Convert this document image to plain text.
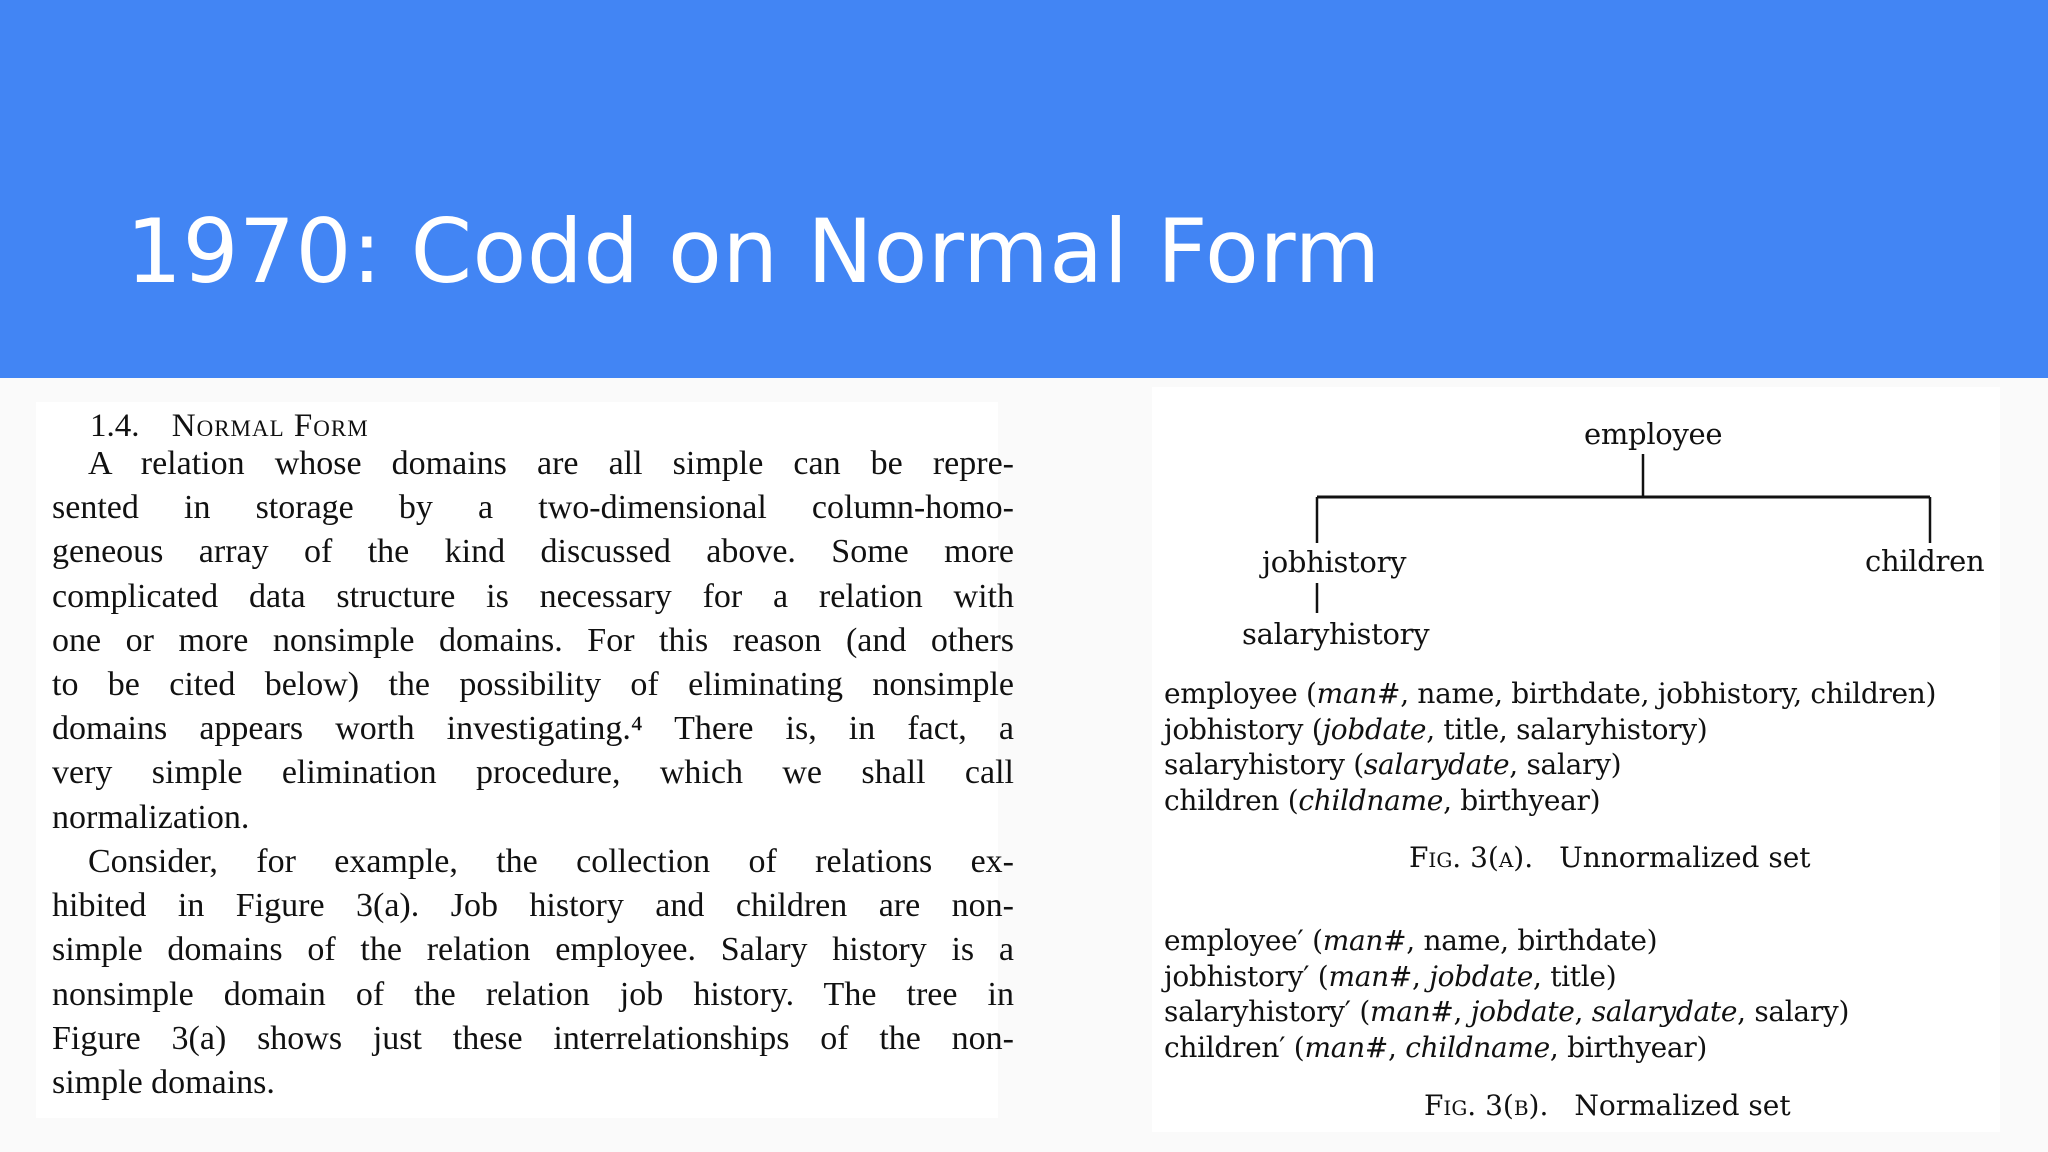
1970: Codd on Normal Form
1.4. Normal Form
A relation whose domains are all simple can be repre-
sented in storage by a two-dimensional column-homo-
geneous array of the kind discussed above. Some more
complicated data structure is necessary for a relation with
one or more nonsimple domains. For this reason (and others
to be cited below) the possibility of eliminating nonsimple
domains appears worth investigating.⁴ There is, in fact, a
very simple elimination procedure, which we shall call
normalization.
Consider, for example, the collection of relations ex-
hibited in Figure 3(a). Job history and children are non-
simple domains of the relation employee. Salary history is a
nonsimple domain of the relation job history. The tree in
Figure 3(a) shows just these interrelationships of the non-
simple domains.
employee
jobhistory	children
salaryhistory
employee (man#, name, birthdate, jobhistory, children)
jobhistory (jobdate, title, salaryhistory)
salaryhistory (salarydate, salary)
children (childname, birthyear)
Fig. 3(a). Unnormalized set
employee′ (man#, name, birthdate)
jobhistory′ (man#, jobdate, title)
salaryhistory′ (man#, jobdate, salarydate, salary)
children′ (man#, childname, birthyear)
Fig. 3(b). Normalized set
